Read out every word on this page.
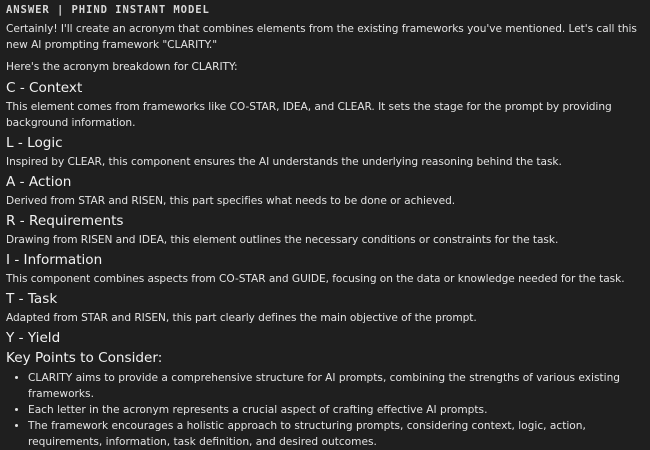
ANSWER | PHIND INSTANT MODEL

Certainly! I'll create an acronym that combines elements from the existing frameworks you've mentioned. Let's call this new AI prompting framework "CLARITY."

Here's the acronym breakdown for CLARITY:

C - Context

This element comes from frameworks like CO-STAR, IDEA, and CLEAR. It sets the stage for the prompt by providing background information.

L - Logic

Inspired by CLEAR, this component ensures the AI understands the underlying reasoning behind the task.

A - Action

Derived from STAR and RISEN, this part specifies what needs to be done or achieved.

R - Requirements

Drawing from RISEN and IDEA, this element outlines the necessary conditions or constraints for the task.

I - Information

This component combines aspects from CO-STAR and GUIDE, focusing on the data or knowledge needed for the task.

T - Task

Adapted from STAR and RISEN, this part clearly defines the main objective of the prompt.

Y - Yield
Key Points to Consider:
• CLARITY aims to provide a comprehensive structure for AI prompts, combining the strengths of various existing frameworks.
• Each letter in the acronym represents a crucial aspect of crafting effective AI prompts.
• The framework encourages a holistic approach to structuring prompts, considering context, logic, action, requirements, information, task definition, and desired outcomes.
